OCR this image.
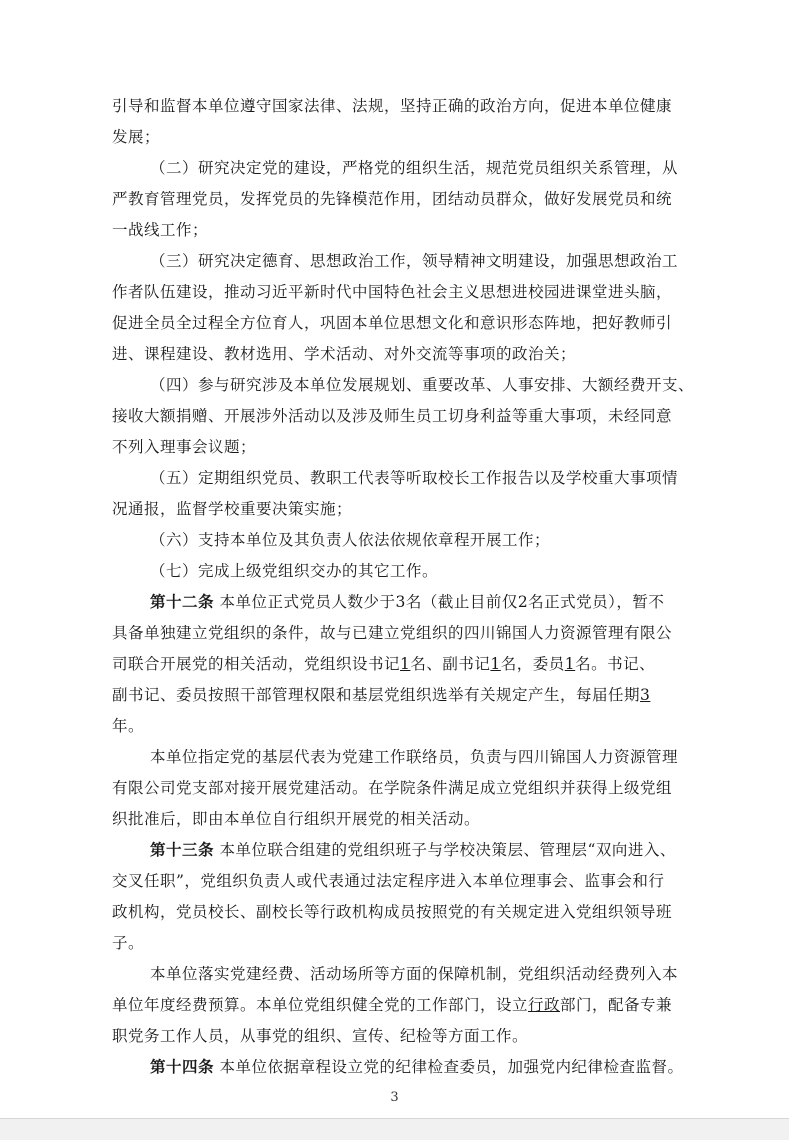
引导和监督本单位遵守国家法律、法规，坚持正确的政治方向，促进本单位健康
发展；
（二）研究决定党的建设，严格党的组织生活，规范党员组织关系管理，从
严教育管理党员，发挥党员的先锋模范作用，团结动员群众，做好发展党员和统
一战线工作；
（三）研究决定德育、思想政治工作，领导精神文明建设，加强思想政治工
作者队伍建设，推动习近平新时代中国特色社会主义思想进校园进课堂进头脑，
促进全员全过程全方位育人，巩固本单位思想文化和意识形态阵地，把好教师引
进、课程建设、教材选用、学术活动、对外交流等事项的政治关；
（四）参与研究涉及本单位发展规划、重要改革、人事安排、大额经费开支、
接收大额捐赠、开展涉外活动以及涉及师生员工切身利益等重大事项，未经同意
不列入理事会议题；
（五）定期组织党员、教职工代表等听取校长工作报告以及学校重大事项情
况通报，监督学校重要决策实施；
（六）支持本单位及其负责人依法依规依章程开展工作；
（七）完成上级党组织交办的其它工作。
第十二条 本单位正式党员人数少于3名（截止目前仅2名正式党员），暂不
具备单独建立党组织的条件，故与已建立党组织的四川锦国人力资源管理有限公
司联合开展党的相关活动，党组织设书记1名、副书记1名，委员1名。书记、
副书记、委员按照干部管理权限和基层党组织选举有关规定产生，每届任期3
年。
本单位指定党的基层代表为党建工作联络员，负责与四川锦国人力资源管理
有限公司党支部对接开展党建活动。在学院条件满足成立党组织并获得上级党组
织批准后，即由本单位自行组织开展党的相关活动。
第十三条 本单位联合组建的党组织班子与学校决策层、管理层“双向进入、
交叉任职”，党组织负责人或代表通过法定程序进入本单位理事会、监事会和行
政机构，党员校长、副校长等行政机构成员按照党的有关规定进入党组织领导班
子。
本单位落实党建经费、活动场所等方面的保障机制，党组织活动经费列入本
单位年度经费预算。本单位党组织健全党的工作部门，设立行政部门，配备专兼
职党务工作人员，从事党的组织、宣传、纪检等方面工作。
第十四条 本单位依据章程设立党的纪律检查委员，加强党内纪律检查监督。
3
